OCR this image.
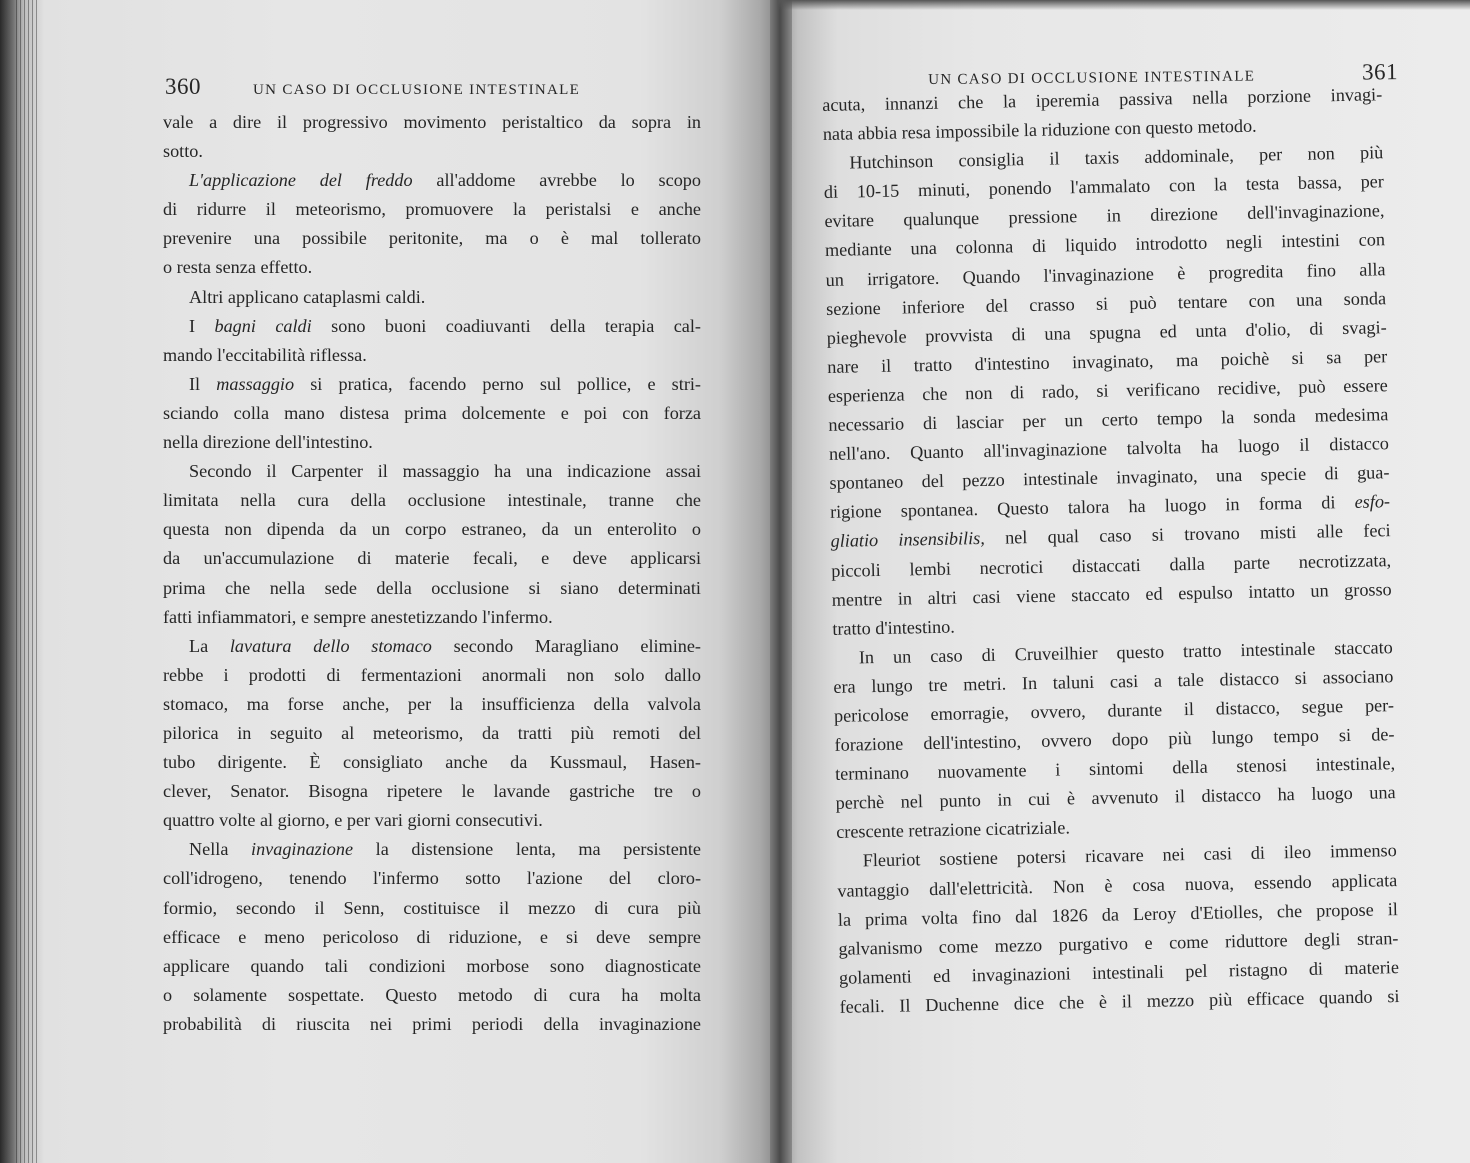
360	UN CASO DI OCCLUSIONE INTESTINALE
UN CASO DI OCCLUSIONE INTESTINALE	361
vale a dire il progressivo movimento peristaltico da sopra in
sotto.
L'applicazione del freddo all'addome avrebbe lo scopo
di ridurre il meteorismo, promuovere la peristalsi e anche
prevenire una possibile peritonite, ma o è mal tollerato
o resta senza effetto.
Altri applicano cataplasmi caldi.
I bagni caldi sono buoni coadiuvanti della terapia cal-
mando l'eccitabilità riflessa.
Il massaggio si pratica, facendo perno sul pollice, e stri-
sciando colla mano distesa prima dolcemente e poi con forza
nella direzione dell'intestino.
Secondo il Carpenter il massaggio ha una indicazione assai
limitata nella cura della occlusione intestinale, tranne che
questa non dipenda da un corpo estraneo, da un enterolito o
da un'accumulazione di materie fecali, e deve applicarsi
prima che nella sede della occlusione si siano determinati
fatti infiammatori, e sempre anestetizzando l'infermo.
La lavatura dello stomaco secondo Maragliano elimine-
rebbe i prodotti di fermentazioni anormali non solo dallo
stomaco, ma forse anche, per la insufficienza della valvola
pilorica in seguito al meteorismo, da tratti più remoti del
tubo dirigente. È consigliato anche da Kussmaul, Hasen-
clever, Senator. Bisogna ripetere le lavande gastriche tre o
quattro volte al giorno, e per vari giorni consecutivi.
Nella invaginazione la distensione lenta, ma persistente
coll'idrogeno, tenendo l'infermo sotto l'azione del cloro-
formio, secondo il Senn, costituisce il mezzo di cura più
efficace e meno pericoloso di riduzione, e si deve sempre
applicare quando tali condizioni morbose sono diagnosticate
o solamente sospettate. Questo metodo di cura ha molta
probabilità di riuscita nei primi periodi della invaginazione
acuta, innanzi che la iperemia passiva nella porzione invagi-
nata abbia resa impossibile la riduzione con questo metodo.
Hutchinson consiglia il taxis addominale, per non più
di 10-15 minuti, ponendo l'ammalato con la testa bassa, per
evitare qualunque pressione in direzione dell'invaginazione,
mediante una colonna di liquido introdotto negli intestini con
un irrigatore. Quando l'invaginazione è progredita fino alla
sezione inferiore del crasso si può tentare con una sonda
pieghevole provvista di una spugna ed unta d'olio, di svagi-
nare il tratto d'intestino invaginato, ma poichè si sa per
esperienza che non di rado, si verificano recidive, può essere
necessario di lasciar per un certo tempo la sonda medesima
nell'ano. Quanto all'invaginazione talvolta ha luogo il distacco
spontaneo del pezzo intestinale invaginato, una specie di gua-
rigione spontanea. Questo talora ha luogo in forma di esfo-
gliatio insensibilis, nel qual caso si trovano misti alle feci
piccoli lembi necrotici distaccati dalla parte necrotizzata,
mentre in altri casi viene staccato ed espulso intatto un grosso
tratto d'intestino.
In un caso di Cruveilhier questo tratto intestinale staccato
era lungo tre metri. In taluni casi a tale distacco si associano
pericolose emorragie, ovvero, durante il distacco, segue per-
forazione dell'intestino, ovvero dopo più lungo tempo si de-
terminano nuovamente i sintomi della stenosi intestinale,
perchè nel punto in cui è avvenuto il distacco ha luogo una
crescente retrazione cicatriziale.
Fleuriot sostiene potersi ricavare nei casi di ileo immenso
vantaggio dall'elettricità. Non è cosa nuova, essendo applicata
la prima volta fino dal 1826 da Leroy d'Etiolles, che propose il
galvanismo come mezzo purgativo e come riduttore degli stran-
golamenti ed invaginazioni intestinali pel ristagno di materie
fecali. Il Duchenne dice che è il mezzo più efficace quando si
